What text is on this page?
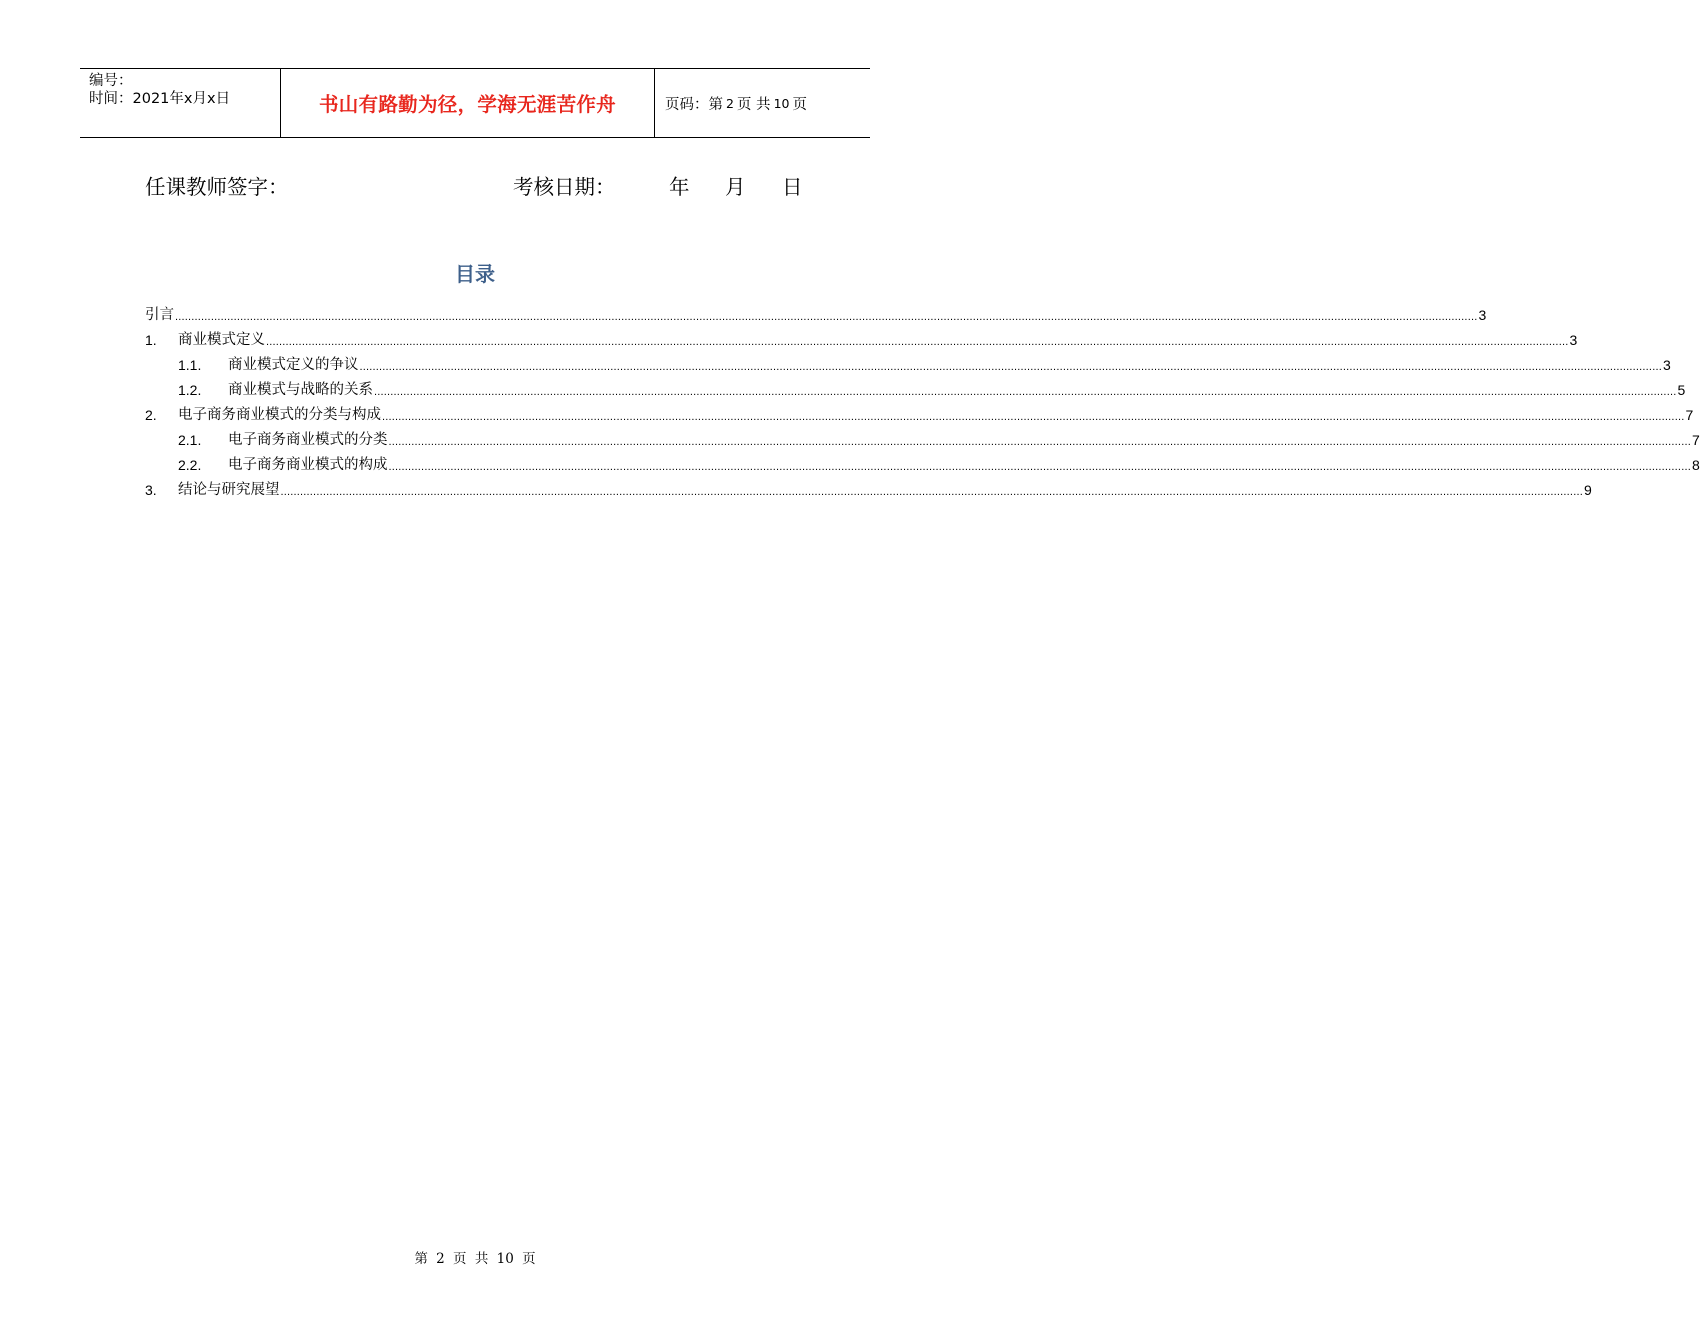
编号：
时间：2021年x月x日	书山有路勤为径，学海无涯苦作舟	页码：第 2 页 共 10 页
任课教师签字：	考核日期：	年 月 日
目录
引言 ................................................................................................................................................................................................................................................................................................................................................................................................................ 3
1.	商业模式定义 ................................................................................................................................................................................................................................................................................................................................................................................................................ 3
1.1.	商业模式定义的争议 ................................................................................................................................................................................................................................................................................................................................................................................................................ 3
1.2.	商业模式与战略的关系 ................................................................................................................................................................................................................................................................................................................................................................................................................ 5
2.	电子商务商业模式的分类与构成 ................................................................................................................................................................................................................................................................................................................................................................................................................ 7
2.1.	电子商务商业模式的分类 ................................................................................................................................................................................................................................................................................................................................................................................................................ 7
2.2.	电子商务商业模式的构成 ................................................................................................................................................................................................................................................................................................................................................................................................................ 8
3.	结论与研究展望 ................................................................................................................................................................................................................................................................................................................................................................................................................ 9
第 2 页 共 10 页
